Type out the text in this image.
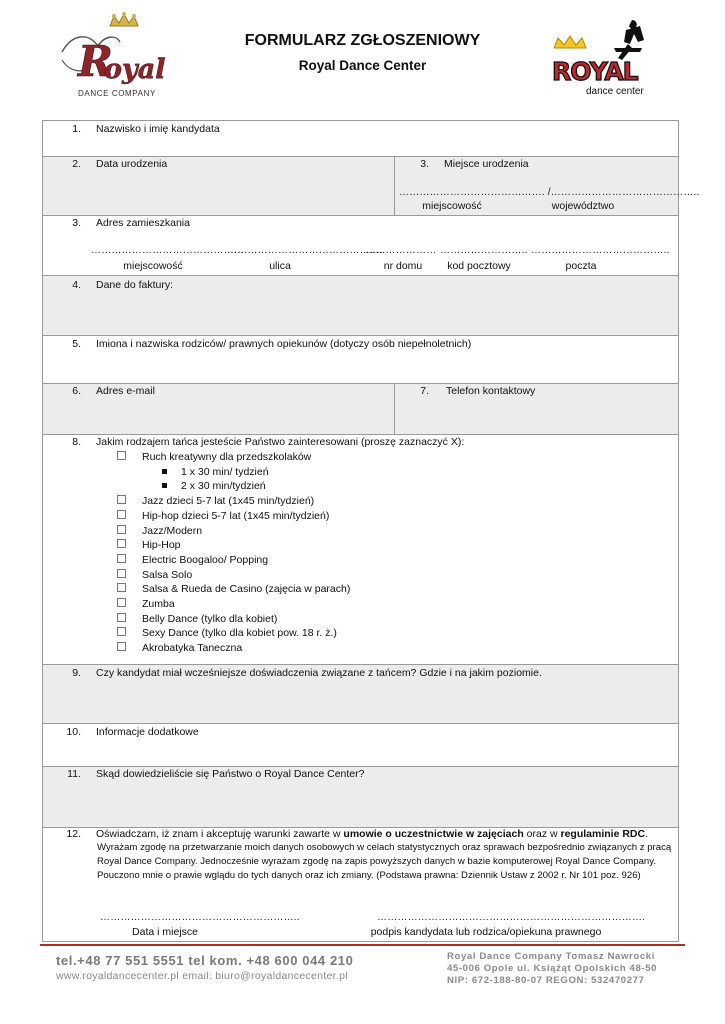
R
oyal
DANCE COMPANY
FORMULARZ ZGŁOSZENIOWY
Royal Dance Center	ROYAL
dance center
1. Nazwisko i imię kandydata
2. Data urodzenia	3. Miejsce urodzenia
……………………………………. /……………………………………..
miejscowość	województwo
3. Adres zamieszkania
………………………………………
……………………………………….
………………… …………………….. …………………………………..
miejscowość	ulica	nr domu	kod pocztowy	poczta
4. Dane do faktury:
5. Imiona i nazwiska rodziców/ prawnych opiekunów (dotyczy osób niepełnoletnich)
6. Adres e-mail	7. Telefon kontaktowy
8. Jakim rodzajem tańca jesteście Państwo zainteresowani (proszę zaznaczyć X):
Ruch kreatywny dla przedszkolaków
1 x 30 min/ tydzień
2 x 30 min/tydzień
Jazz dzieci 5-7 lat (1x45 min/tydzień)
Hip-hop dzieci 5-7 lat (1x45 min/tydzień)
Jazz/Modern
Hip-Hop
Electric Boogaloo/ Popping
Salsa Solo
Salsa & Rueda de Casino (zajęcia w parach)
Zumba
Belly Dance (tylko dla kobiet)
Sexy Dance (tylko dla kobiet pow. 18 r. ż.)
Akrobatyka Taneczna
9. Czy kandydat miał wcześniejsze doświadczenia związane z tańcem? Gdzie i na jakim poziomie.
10. Informacje dodatkowe
11. Skąd dowiedzieliście się Państwo o Royal Dance Center?
12. Oświadczam, iż znam i akceptuję warunki zawarte w umowie o uczestnictwie w zajęciach oraz w regulaminie RDC.
Wyrażam zgodę na przetwarzanie moich danych osobowych w celach statystycznych oraz sprawach bezpośrednio związanych z pracą Royal Dance Company. Jednocześnie wyrażam zgodę na zapis powyższych danych w bazie komputerowej Royal Dance Company. Pouczono mnie o prawie wglądu do tych danych oraz ich zmiany. (Podstawa prawna: Dziennik Ustaw z 2002 r. Nr 101 poz. 926)
…………………………………………………..	…………………………………………………………………….
Data i miejsce	podpis kandydata lub rodzica/opiekuna prawnego
tel.+48 77 551 5551 tel kom. +48 600 044 210
www.royaldancecenter.pl email: biuro@royaldancecenter.pl
Royal Dance Company Tomasz Nawrocki
45-006 Opole ul. Książąt Opolskich 48-50
NIP: 672-188-80-07 REGON: 532470277
